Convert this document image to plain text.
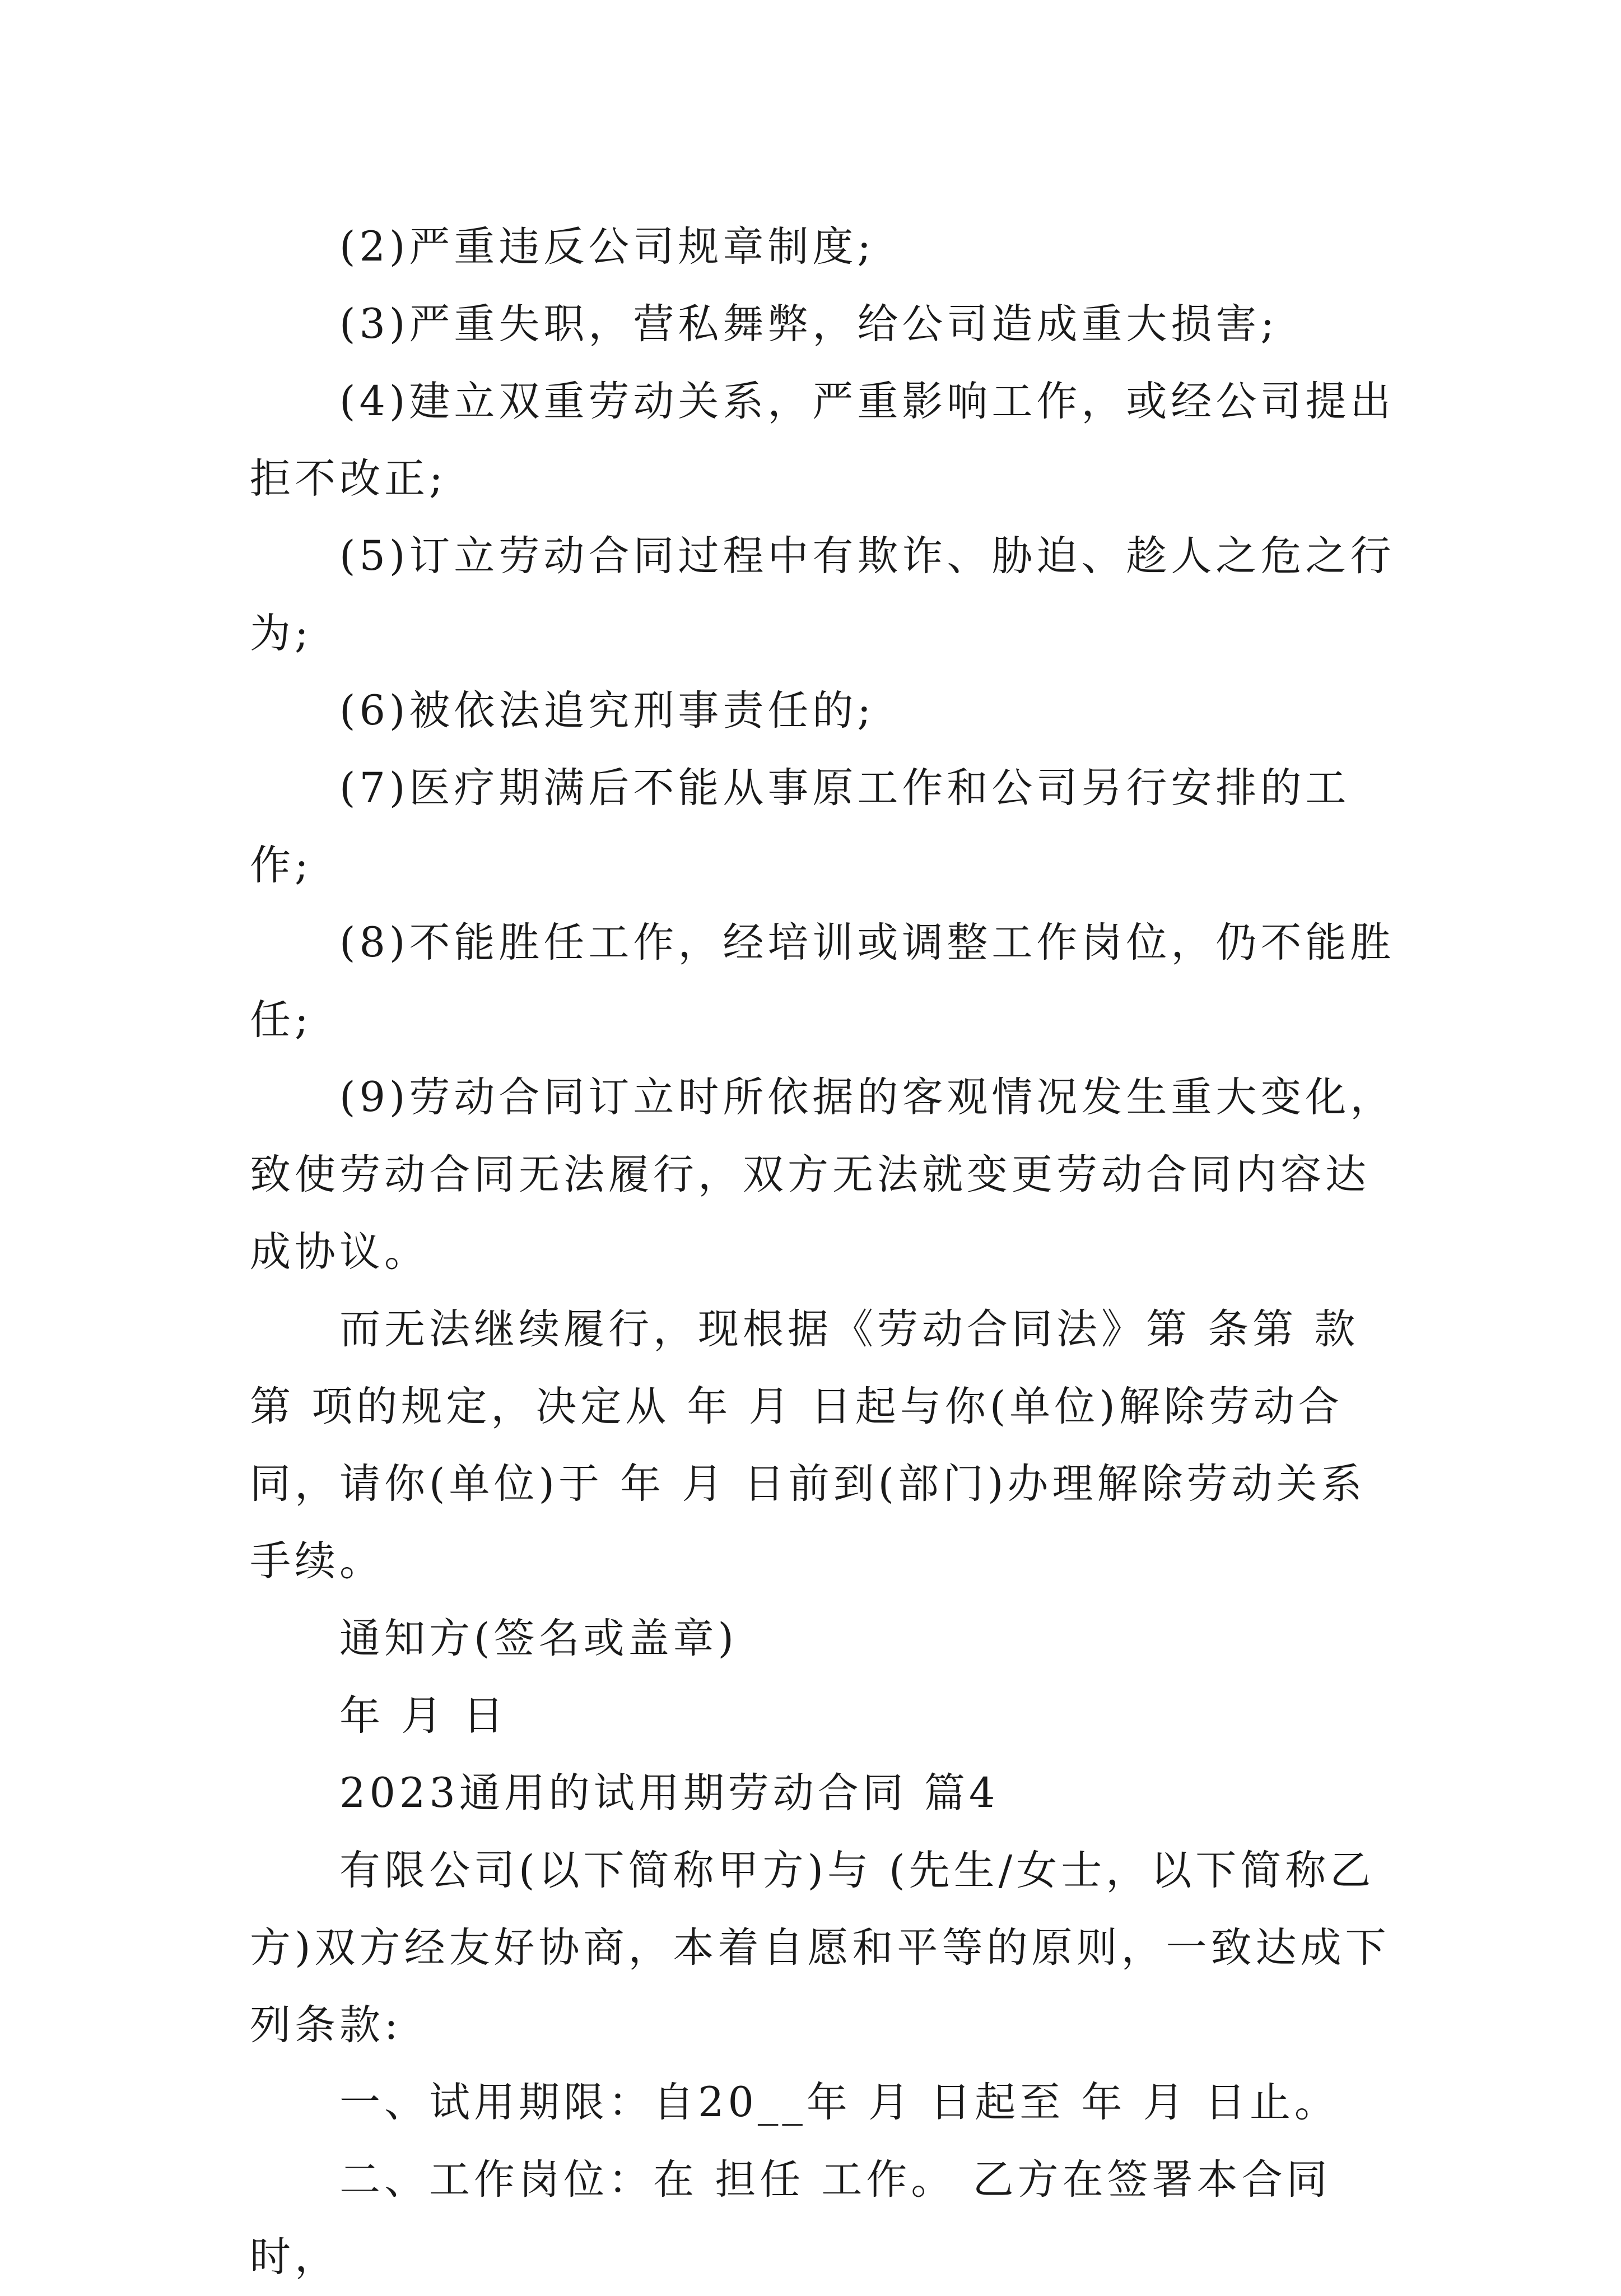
(2)严重违反公司规章制度;

(3)严重失职，营私舞弊，给公司造成重大损害;

(4)建立双重劳动关系，严重影响工作，或经公司提出拒不改正;

(5)订立劳动合同过程中有欺诈、胁迫、趁人之危之行为;

(6)被依法追究刑事责任的;

(7)医疗期满后不能从事原工作和公司另行安排的工作;

(8)不能胜任工作，经培训或调整工作岗位，仍不能胜任;

(9)劳动合同订立时所依据的客观情况发生重大变化，致使劳动合同无法履行，双方无法就变更劳动合同内容达成协议。

而无法继续履行，现根据《劳动合同法》第 条第 款第 项的规定，决定从 年 月 日起与你(单位)解除劳动合同，请你(单位)于 年 月 日前到(部门)办理解除劳动关系手续。

通知方(签名或盖章)

年 月 日

2023通用的试用期劳动合同 篇4

有限公司(以下简称甲方)与 (先生/女士，以下简称乙方)双方经友好协商，本着自愿和平等的原则，一致达成下列条款:

一、试用期限：自20__年 月 日起至 年 月 日止。

二、工作岗位：在 担任 工作。 乙方在签署本合同时，
